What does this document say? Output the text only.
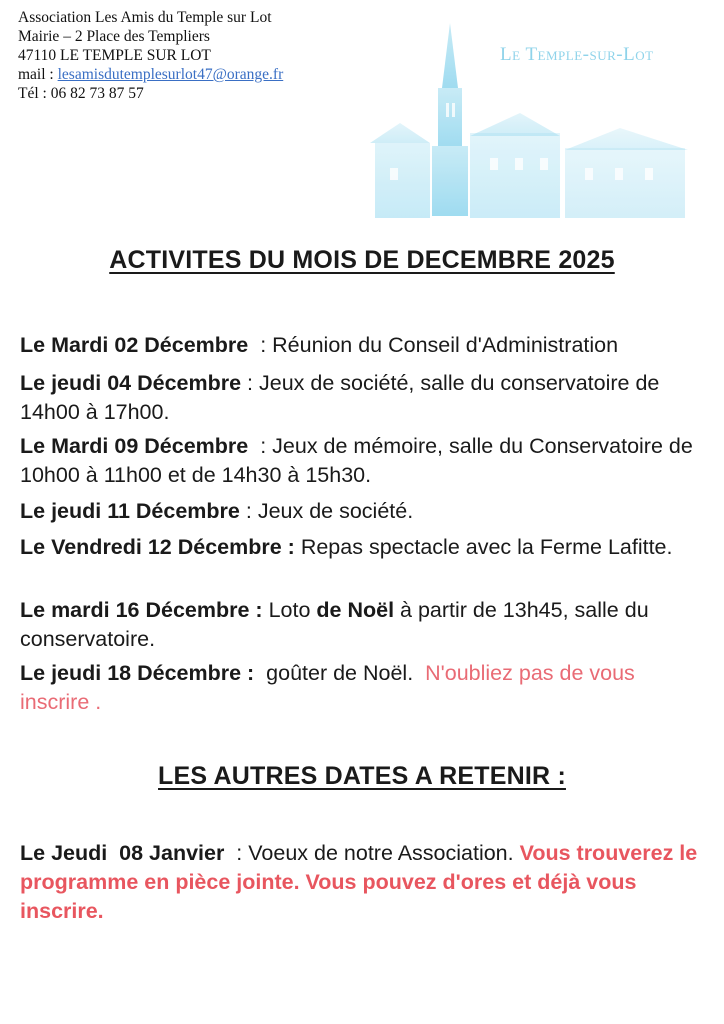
Association Les Amis du Temple sur Lot
Mairie – 2 Place des Templiers
47110 LE TEMPLE SUR LOT
mail : lesamisdutemplesurlot47@orange.fr
Tél : 06 82 73 87 57
Le Temple-sur-Lot
ACTIVITES DU MOIS DE DECEMBRE 2025
Le Mardi 02 Décembre  : Réunion du Conseil d'Administration
Le jeudi 04 Décembre : Jeux de société, salle du conservatoire de 14h00 à 17h00.
Le Mardi 09 Décembre  : Jeux de mémoire, salle du Conservatoire de 10h00 à 11h00 et de 14h30 à 15h30.
Le jeudi 11 Décembre : Jeux de société.
Le Vendredi 12 Décembre : Repas spectacle avec la Ferme Lafitte.
Le mardi 16 Décembre : Loto de Noël à partir de 13h45, salle du conservatoire.
Le jeudi 18 Décembre : goûter de Noël.  N'oubliez pas de vous inscrire .
LES AUTRES DATES A RETENIR :
Le Jeudi  08 Janvier  : Voeux de notre Association. Vous trouverez le programme en pièce jointe. Vous pouvez d'ores et déjà vous inscrire.
